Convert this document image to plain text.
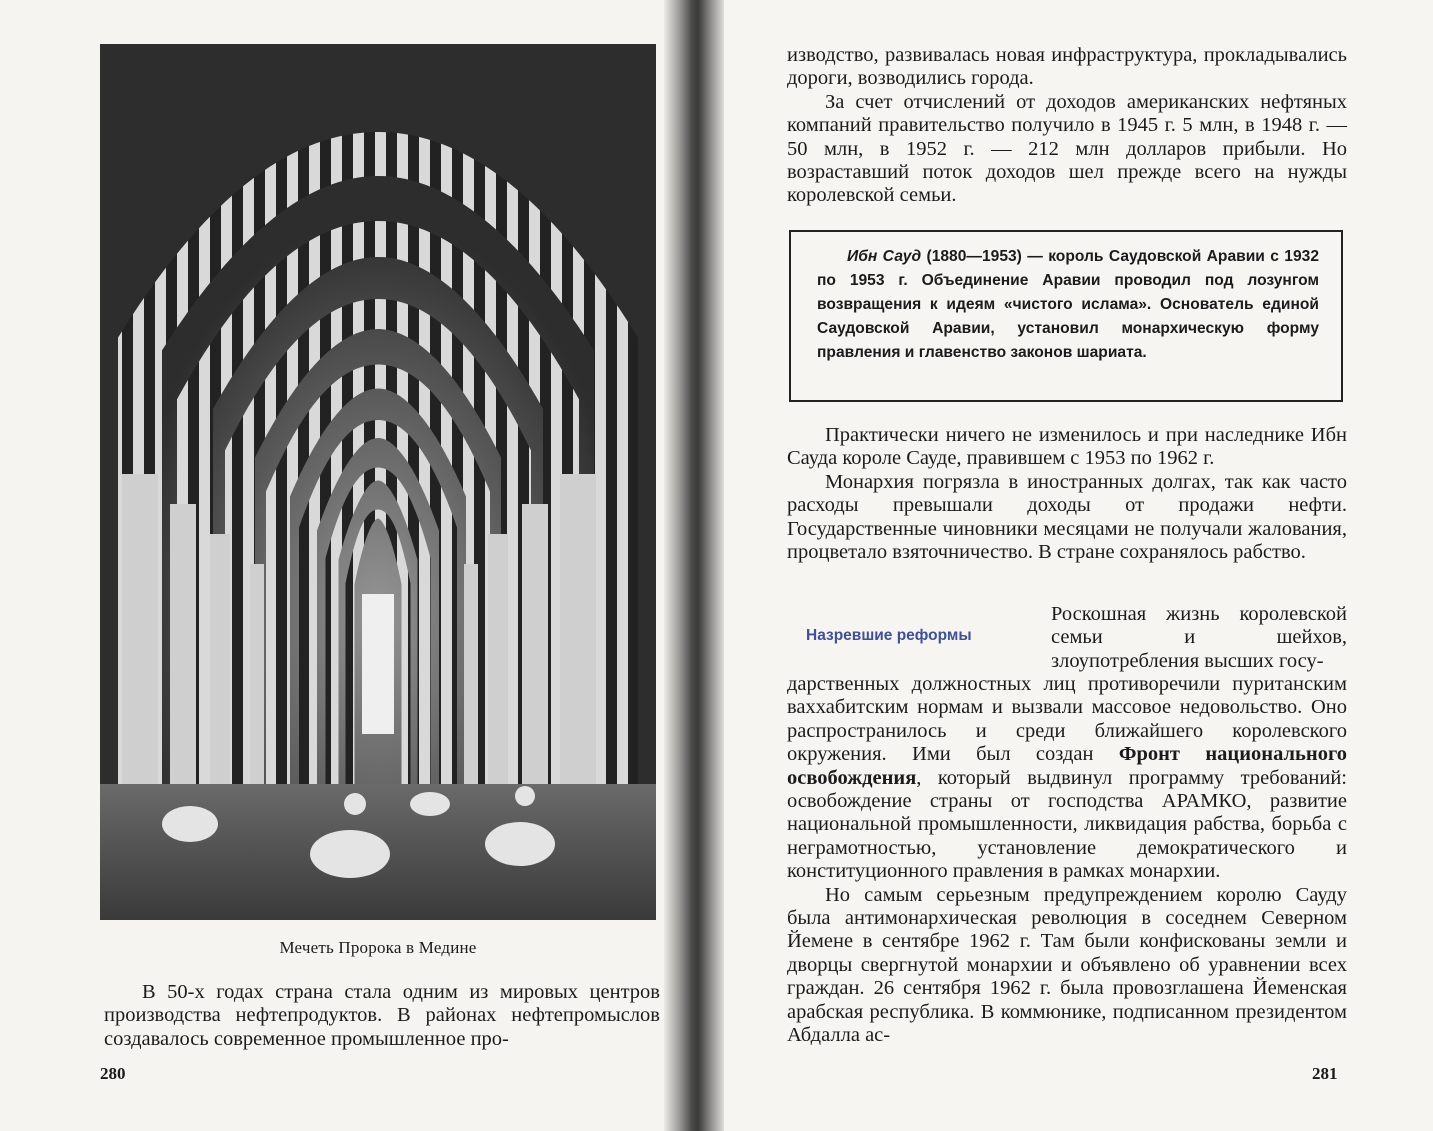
Мечеть Пророка в Медине

В 50-х годах страна стала одним из мировых центров производства нефтепродуктов. В районах нефтепромыслов создавалось современное промышленное про-

280

изводство, развивалась новая инфраструктура, прокладывались дороги, возводились города.

За счет отчислений от доходов американских нефтяных компаний правительство получило в 1945 г. 5 млн, в 1948 г. — 50 млн, в 1952 г. — 212 млн долларов прибыли. Но возраставший поток доходов шел прежде всего на нужды королевской семьи.

Ибн Сауд (1880—1953) — король Саудовской Аравии с 1932 по 1953 г. Объединение Аравии проводил под лозунгом возвращения к идеям «чистого ислама». Основатель единой Саудовской Аравии, установил монархическую форму правления и главенство законов шариата.

Практически ничего не изменилось и при наследнике Ибн Сауда короле Сауде, правившем с 1953 по 1962 г.

Монархия погрязла в иностранных долгах, так как часто расходы превышали доходы от продажи нефти. Государственные чиновники месяцами не получали жалования, процветало взяточничество. В стране сохранялось рабство.

Назревшие реформы

Роскошная жизнь королевской семьи и шейхов, злоупотребления высших госу-

дарственных должностных лиц противоречили пуританским ваххабитским нормам и вызвали массовое недовольство. Оно распространилось и среди ближайшего королевского окружения. Ими был создан Фронт национального освобождения, который выдвинул программу требований: освобождение страны от господства АРАМКО, развитие национальной промышленности, ликвидация рабства, борьба с неграмотностью, установление демократического и конституционного правления в рамках монархии.

Но самым серьезным предупреждением королю Сауду была антимонархическая революция в соседнем Северном Йемене в сентябре 1962 г. Там были конфискованы земли и дворцы свергнутой монархии и объявлено об уравнении всех граждан. 26 сентября 1962 г. была провозглашена Йеменская арабская республика. В коммюнике, подписанном президентом Абдалла ас-

281
